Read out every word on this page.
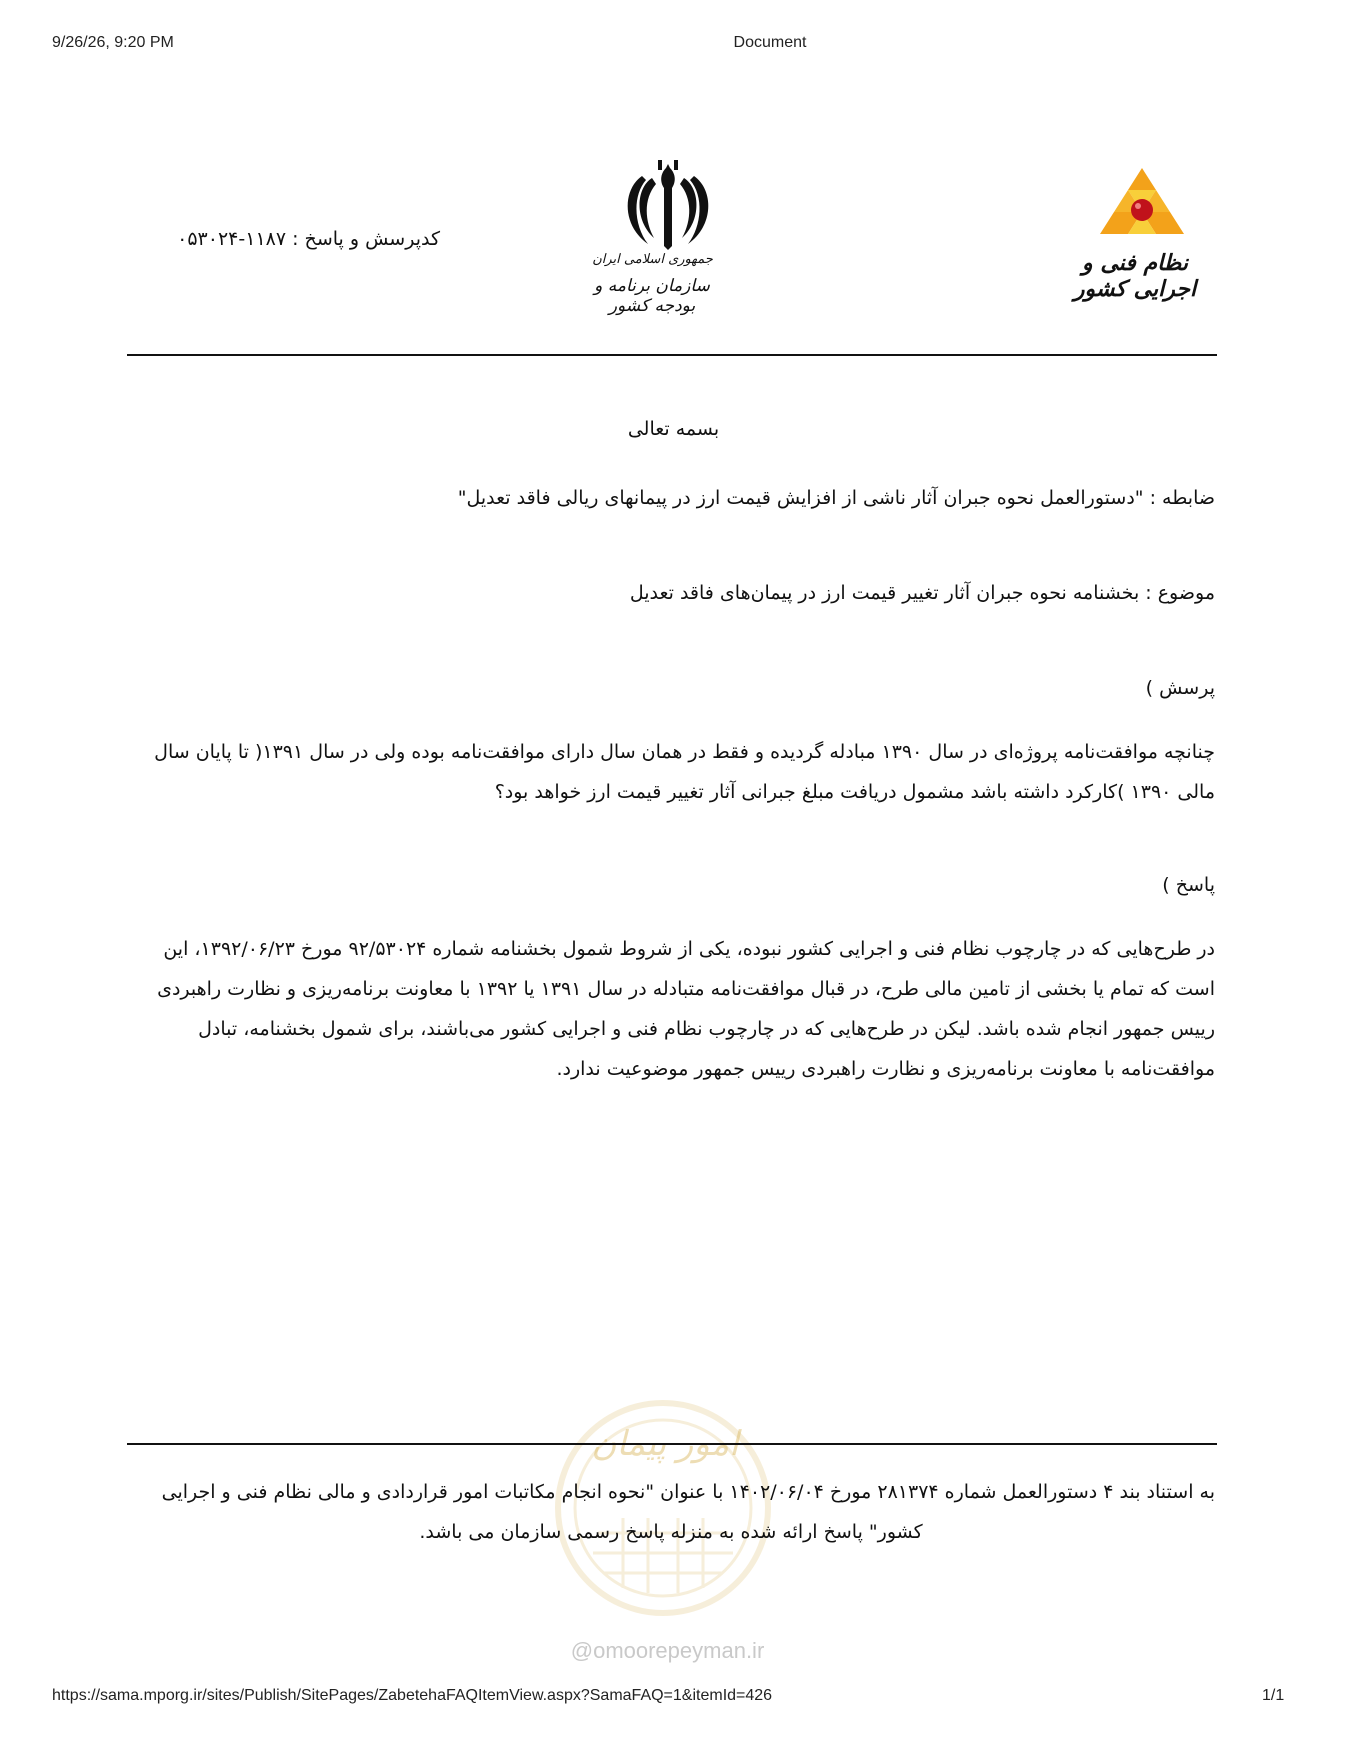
9/26/26, 9:20 PM	Document
امور پیمان
@omoorepeyman.ir
کدپرسش و پاسخ : ۱۱۸۷-۰۵۳۰۲۴
جمهوری اسلامی ایران
سازمان برنامه و بودجه کشور
نظام فنی و اجرایی کشور
بسمه تعالی
ضابطه : "دستورالعمل نحوه جبران آثار ناشی از افزایش قیمت ارز در پیمانهای ریالی فاقد تعدیل"
موضوع : بخشنامه نحوه جبران آثار تغییر قیمت ارز در پیمان‌های فاقد تعدیل
پرسش )
چنانچه موافقت‌نامه پروژه‌ای در سال ۱۳۹۰ مبادله گردیده و فقط در همان سال دارای موافقت‌نامه بوده ولی در سال ۱۳۹۱( تا پایان سال
مالی ۱۳۹۰ )کارکرد داشته باشد مشمول دریافت مبلغ جبرانی آثار تغییر قیمت ارز خواهد بود؟
پاسخ )
در طرح‌هایی که در چارچوب نظام فنی و اجرایی کشور نبوده، یکی از شروط شمول بخشنامه شماره ۹۲/۵۳۰۲۴ مورخ ۱۳۹۲/۰۶/۲۳، این
است که تمام یا بخشی از تامین مالی طرح، در قبال موافقت‌نامه متبادله در سال ۱۳۹۱ یا ۱۳۹۲ با معاونت برنامه‌ریزی و نظارت راهبردی
رییس جمهور انجام شده باشد. لیکن در طرح‌هایی که در چارچوب نظام فنی و اجرایی کشور می‌باشند، برای شمول بخشنامه، تبادل
موافقت‌نامه با معاونت برنامه‌ریزی و نظارت راهبردی رییس جمهور موضوعیت ندارد.
به استناد بند ۴ دستورالعمل شماره ۲۸۱۳۷۴ مورخ ۱۴۰۲/۰۶/۰۴ با عنوان "نحوه انجام مکاتبات امور قراردادی و مالی نظام فنی و اجرایی
کشور" پاسخ ارائه شده به منزله پاسخ رسمی سازمان می باشد.
https://sama.mporg.ir/sites/Publish/SitePages/ZabetehaFAQItemView.aspx?SamaFAQ=1&itemId=426	1/1
